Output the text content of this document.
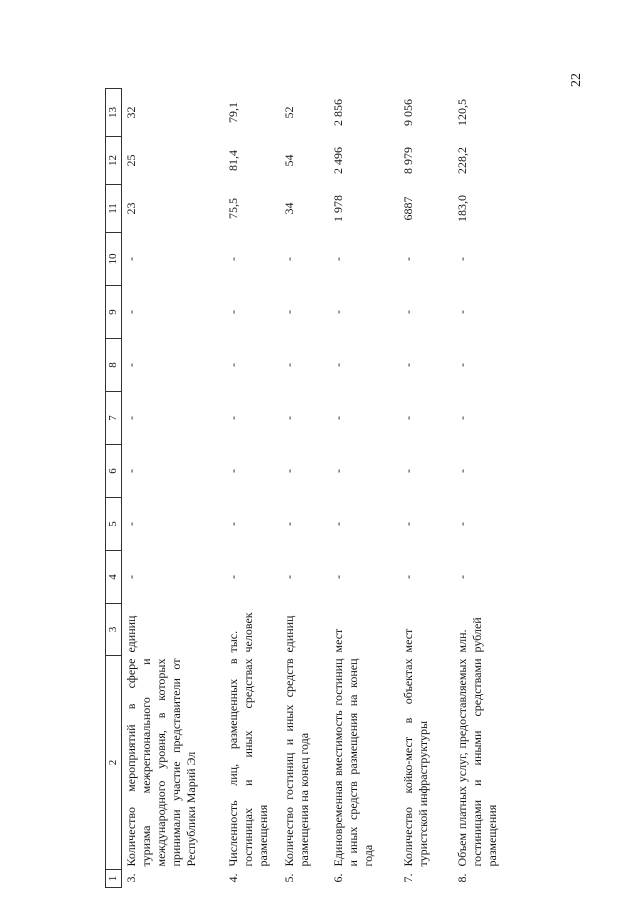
22
1	2	3	4	5	6	7	8	9	10	11	12	13
3.	Количество мероприятий в сфере туризма межрегионального и международного уровня, в которых принимали участие представители от Республики Марий Эл	единиц	-	-	-	-	-	-	-	23	25	32
4.	Численность лиц, размещенных в гостиницах и иных средствах размещения	тыс. человек	-	-	-	-	-	-	-	75,5	81,4	79,1
5.	Количество гостиниц и иных средств размещения на конец года	единиц	-	-	-	-	-	-	-	34	54	52
6.	Единовременная вместимость гостиниц и иных средств размещения на конец года	мест	-	-	-	-	-	-	-	1 978	2 496	2 856
7.	Количество койко-мест в объектах туристской инфраструктуры	мест	-	-	-	-	-	-	-	6887	8 979	9 056
8.	Объем платных услуг, предоставляемых гостиницами и иными средствами размещения	млн. рублей	-	-	-	-	-	-	-	183,0	228,2	120,5
